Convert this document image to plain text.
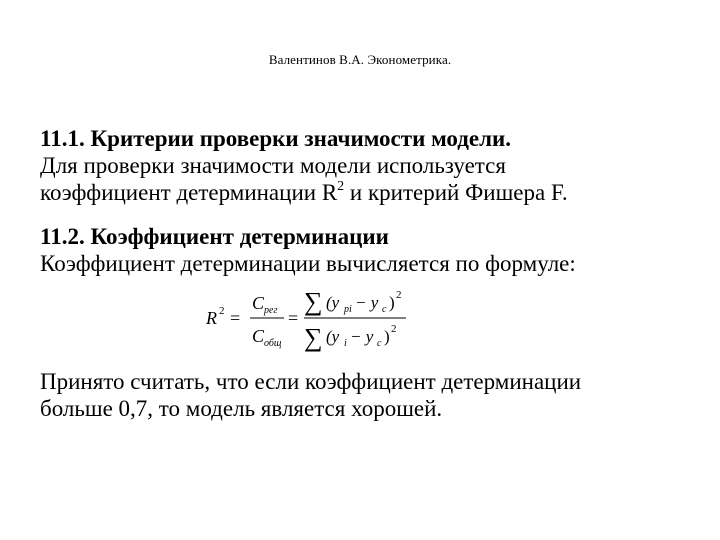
Валентинов В.А. Эконометрика.
11.1. Критерии проверки значимости модели.
Для проверки значимости модели используется
коэффициент детерминации $R^2$ и критерий Фишера F.
11.2. Коэффициент детерминации
Коэффициент детерминации вычисляется по формуле:
R 2 =
C рег
C общ
=
∑ (y pi − y c ) 2
∑ (y i − y c ) 2
Принято считать, что если коэффициент детерминации
больше 0,7, то модель является хорошей.
